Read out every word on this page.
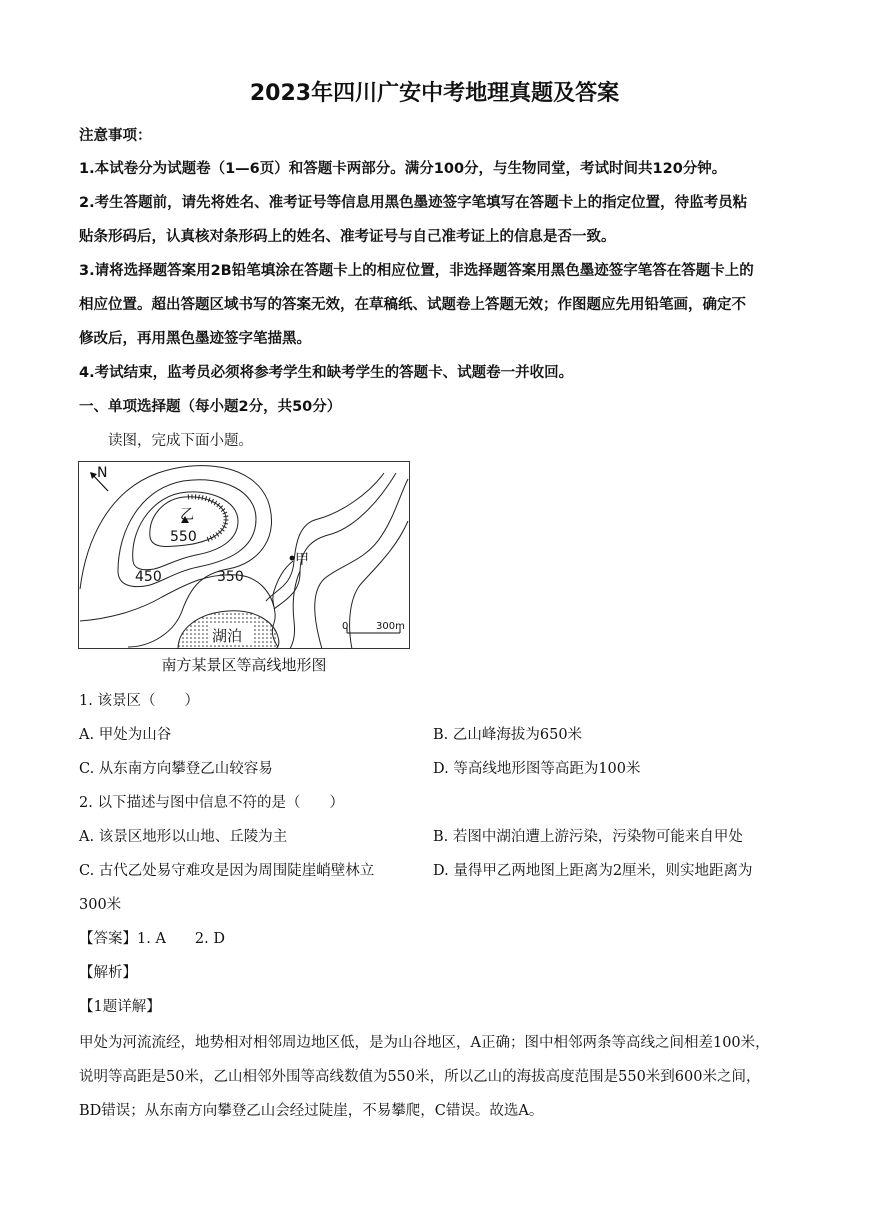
2023年四川广安中考地理真题及答案
注意事项：
1.本试卷分为试题卷（1—6页）和答题卡两部分。满分100分，与生物同堂，考试时间共120分钟。
2.考生答题前，请先将姓名、准考证号等信息用黑色墨迹签字笔填写在答题卡上的指定位置，待监考员粘
贴条形码后，认真核对条形码上的姓名、准考证号与自己准考证上的信息是否一致。
3.请将选择题答案用2B铅笔填涂在答题卡上的相应位置，非选择题答案用黑色墨迹签字笔答在答题卡上的
相应位置。超出答题区域书写的答案无效，在草稿纸、试题卷上答题无效；作图题应先用铅笔画，确定不
修改后，再用黑色墨迹签字笔描黑。
4.考试结束，监考员必须将参考学生和缺考学生的答题卡、试题卷一并收回。
一、单项选择题（每小题2分，共50分）
读图，完成下面小题。
N
乙
550
450	350
甲
湖泊
0	300m
南方某景区等高线地形图
1. 该景区（　　）
A. 甲处为山谷	B. 乙山峰海拔为650米
C. 从东南方向攀登乙山较容易	D. 等高线地形图等高距为100米
2. 以下描述与图中信息不符的是（　　）
A. 该景区地形以山地、丘陵为主	B. 若图中湖泊遭上游污染，污染物可能来自甲处
C. 古代乙处易守难攻是因为周围陡崖峭壁林立	D. 量得甲乙两地图上距离为2厘米，则实地距离为
300米
【答案】1. A　　2. D
【解析】
【1题详解】
甲处为河流流经，地势相对相邻周边地区低，是为山谷地区，A正确；图中相邻两条等高线之间相差100米，
说明等高距是50米，乙山相邻外围等高线数值为550米，所以乙山的海拔高度范围是550米到600米之间，
BD错误；从东南方向攀登乙山会经过陡崖，不易攀爬，C错误。故选A。
